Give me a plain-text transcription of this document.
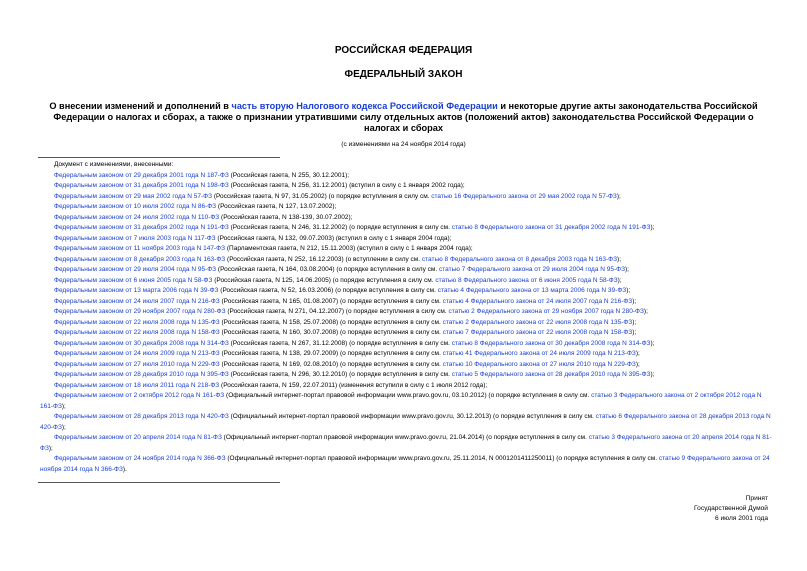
РОССИЙСКАЯ ФЕДЕРАЦИЯ
ФЕДЕРАЛЬНЫЙ ЗАКОН
О внесении изменений и дополнений в часть вторую Налогового кодекса Российской Федерации и некоторые другие акты законодательства Российской Федерации о налогах и сборах, а также о признании утратившими силу отдельных актов (положений актов) законодательства Российской Федерации о налогах и сборах
(с изменениями на 24 ноября 2014 года)
Документ с изменениями, внесенными:
Федеральным законом от 29 декабря 2001 года N 187-ФЗ (Российская газета, N 255, 30.12.2001);
Федеральным законом от 31 декабря 2001 года N 198-ФЗ (Российская газета, N 256, 31.12.2001) (вступил в силу с 1 января 2002 года);
Федеральным законом от 29 мая 2002 года N 57-ФЗ (Российская газета, N 97, 31.05.2002) (о порядке вступления в силу см. статью 16 Федерального закона от 29 мая 2002 года N 57-ФЗ);
Федеральным законом от 10 июля 2002 года N 86-ФЗ (Российская газета, N 127, 13.07.2002);
Федеральным законом от 24 июля 2002 года N 110-ФЗ (Российская газета, N 138-139, 30.07.2002);
Федеральным законом от 31 декабря 2002 года N 191-ФЗ (Российская газета, N 246, 31.12.2002) (о порядке вступления в силу см. статью 8 Федерального закона от 31 декабря 2002 года N 191-ФЗ);
Федеральным законом от 7 июля 2003 года N 117-ФЗ (Российская газета, N 132, 09.07.2003) (вступил в силу с 1 января 2004 года);
Федеральным законом от 11 ноября 2003 года N 147-ФЗ (Парламентская газета, N 212, 15.11.2003) (вступил в силу с 1 января 2004 года);
Федеральным законом от 8 декабря 2003 года N 163-ФЗ (Российская газета, N 252, 16.12.2003) (о вступлении в силу см. статью 8 Федерального закона от 8 декабря 2003 года N 163-ФЗ);
Федеральным законом от 29 июля 2004 года N 95-ФЗ (Российская газета, N 164, 03.08.2004) (о порядке вступления в силу см. статью 7 Федерального закона от 29 июля 2004 года N 95-ФЗ);
Федеральным законом от 6 июня 2005 года N 58-ФЗ (Российская газета, N 125, 14.06.2005) (о порядке вступления в силу см. статью 8 Федерального закона от 6 июня 2005 года N 58-ФЗ);
Федеральным законом от 13 марта 2006 года N 39-ФЗ (Российская газета, N 52, 16.03.2006) (о порядке вступления в силу см. статью 4 Федерального закона от 13 марта 2006 года N 39-ФЗ);
Федеральным законом от 24 июля 2007 года N 216-ФЗ (Российская газета, N 165, 01.08.2007) (о порядке вступления в силу см. статью 4 Федерального закона от 24 июля 2007 года N 216-ФЗ);
Федеральным законом от 29 ноября 2007 года N 280-ФЗ (Российская газета, N 271, 04.12.2007) (о порядке вступления в силу см. статью 2 Федерального закона от 29 ноября 2007 года N 280-ФЗ);
Федеральным законом от 22 июля 2008 года N 135-ФЗ (Российская газета, N 158, 25.07.2008) (о порядке вступления в силу см. статью 2 Федерального закона от 22 июля 2008 года N 135-ФЗ);
Федеральным законом от 22 июля 2008 года N 158-ФЗ (Российская газета, N 160, 30.07.2008) (о порядке вступления в силу см. статью 7 Федерального закона от 22 июля 2008 года N 158-ФЗ);
Федеральным законом от 30 декабря 2008 года N 314-ФЗ (Российская газета, N 267, 31.12.2008) (о порядке вступления в силу см. статью 8 Федерального закона от 30 декабря 2008 года N 314-ФЗ);
Федеральным законом от 24 июля 2009 года N 213-ФЗ (Российская газета, N 138, 29.07.2009) (о порядке вступления в силу см. статью 41 Федерального закона от 24 июля 2009 года N 213-ФЗ);
Федеральным законом от 27 июля 2010 года N 229-ФЗ (Российская газета, N 169, 02.08.2010) (о порядке вступления в силу см. статью 10 Федерального закона от 27 июля 2010 года N 229-ФЗ);
Федеральным законом от 28 декабря 2010 года N 395-ФЗ (Российская газета, N 296, 30.12.2010) (о порядке вступления в силу см. статью 5 Федерального закона от 28 декабря 2010 года N 395-ФЗ);
Федеральным законом от 18 июля 2011 года N 218-ФЗ (Российская газета, N 159, 22.07.2011) (изменения вступили в силу с 1 июля 2012 года);
Федеральным законом от 2 октября 2012 года N 161-ФЗ (Официальный интернет-портал правовой информации www.pravo.gov.ru, 03.10.2012) (о порядке вступления в силу см. статью 3 Федерального закона от 2 октября 2012 года N 161-ФЗ);
Федеральным законом от 28 декабря 2013 года N 420-ФЗ (Официальный интернет-портал правовой информации www.pravo.gov.ru, 30.12.2013) (о порядке вступления в силу см. статью 6 Федерального закона от 28 декабря 2013 года N 420-ФЗ);
Федеральным законом от 20 апреля 2014 года N 81-ФЗ (Официальный интернет-портал правовой информации www.pravo.gov.ru, 21.04.2014) (о порядке вступления в силу см. статью 3 Федерального закона от 20 апреля 2014 года N 81-ФЗ);
Федеральным законом от 24 ноября 2014 года N 366-ФЗ (Официальный интернет-портал правовой информации www.pravo.gov.ru, 25.11.2014, N 0001201411250011) (о порядке вступления в силу см. статью 9 Федерального закона от 24 ноября 2014 года N 366-ФЗ).
Принят
Государственной Думой
6 июля 2001 года
